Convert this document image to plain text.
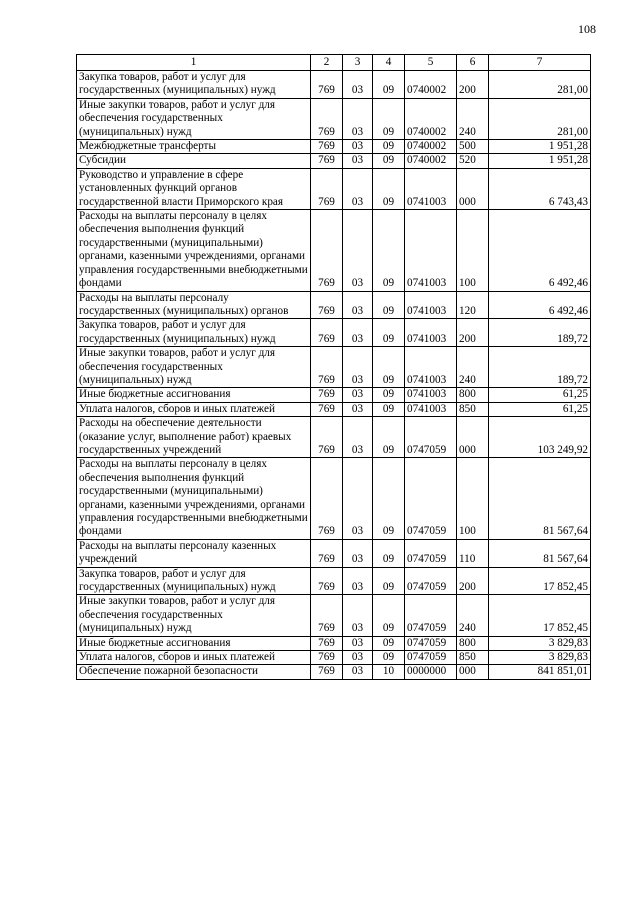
108
1	2	3	4	5	6	7
Закупка товаров, работ и услуг для государственных (муниципальных) нужд	769	03	09	0740002	200	281,00
Иные закупки товаров, работ и услуг для обеспечения государственных (муниципальных) нужд	769	03	09	0740002	240	281,00
Межбюджетные трансферты	769	03	09	0740002	500	1 951,28
Субсидии	769	03	09	0740002	520	1 951,28
Руководство и управление в сфере установленных функций органов государственной власти Приморского края	769	03	09	0741003	000	6 743,43
Расходы на выплаты персоналу в целях обеспечения выполнения функций государственными (муниципальными) органами, казенными учреждениями, органами управления государственными внебюджетными фондами	769	03	09	0741003	100	6 492,46
Расходы на выплаты персоналу государственных (муниципальных) органов	769	03	09	0741003	120	6 492,46
Закупка товаров, работ и услуг для государственных (муниципальных) нужд	769	03	09	0741003	200	189,72
Иные закупки товаров, работ и услуг для обеспечения государственных (муниципальных) нужд	769	03	09	0741003	240	189,72
Иные бюджетные ассигнования	769	03	09	0741003	800	61,25
Уплата налогов, сборов и иных платежей	769	03	09	0741003	850	61,25
Расходы на обеспечение деятельности (оказание услуг, выполнение работ) краевых государственных учреждений	769	03	09	0747059	000	103 249,92
Расходы на выплаты персоналу в целях обеспечения выполнения функций государственными (муниципальными) органами, казенными учреждениями, органами управления государственными внебюджетными фондами	769	03	09	0747059	100	81 567,64
Расходы на выплаты персоналу казенных учреждений	769	03	09	0747059	110	81 567,64
Закупка товаров, работ и услуг для государственных (муниципальных) нужд	769	03	09	0747059	200	17 852,45
Иные закупки товаров, работ и услуг для обеспечения государственных (муниципальных) нужд	769	03	09	0747059	240	17 852,45
Иные бюджетные ассигнования	769	03	09	0747059	800	3 829,83
Уплата налогов, сборов и иных платежей	769	03	09	0747059	850	3 829,83
Обеспечение пожарной безопасности	769	03	10	0000000	000	841 851,01
